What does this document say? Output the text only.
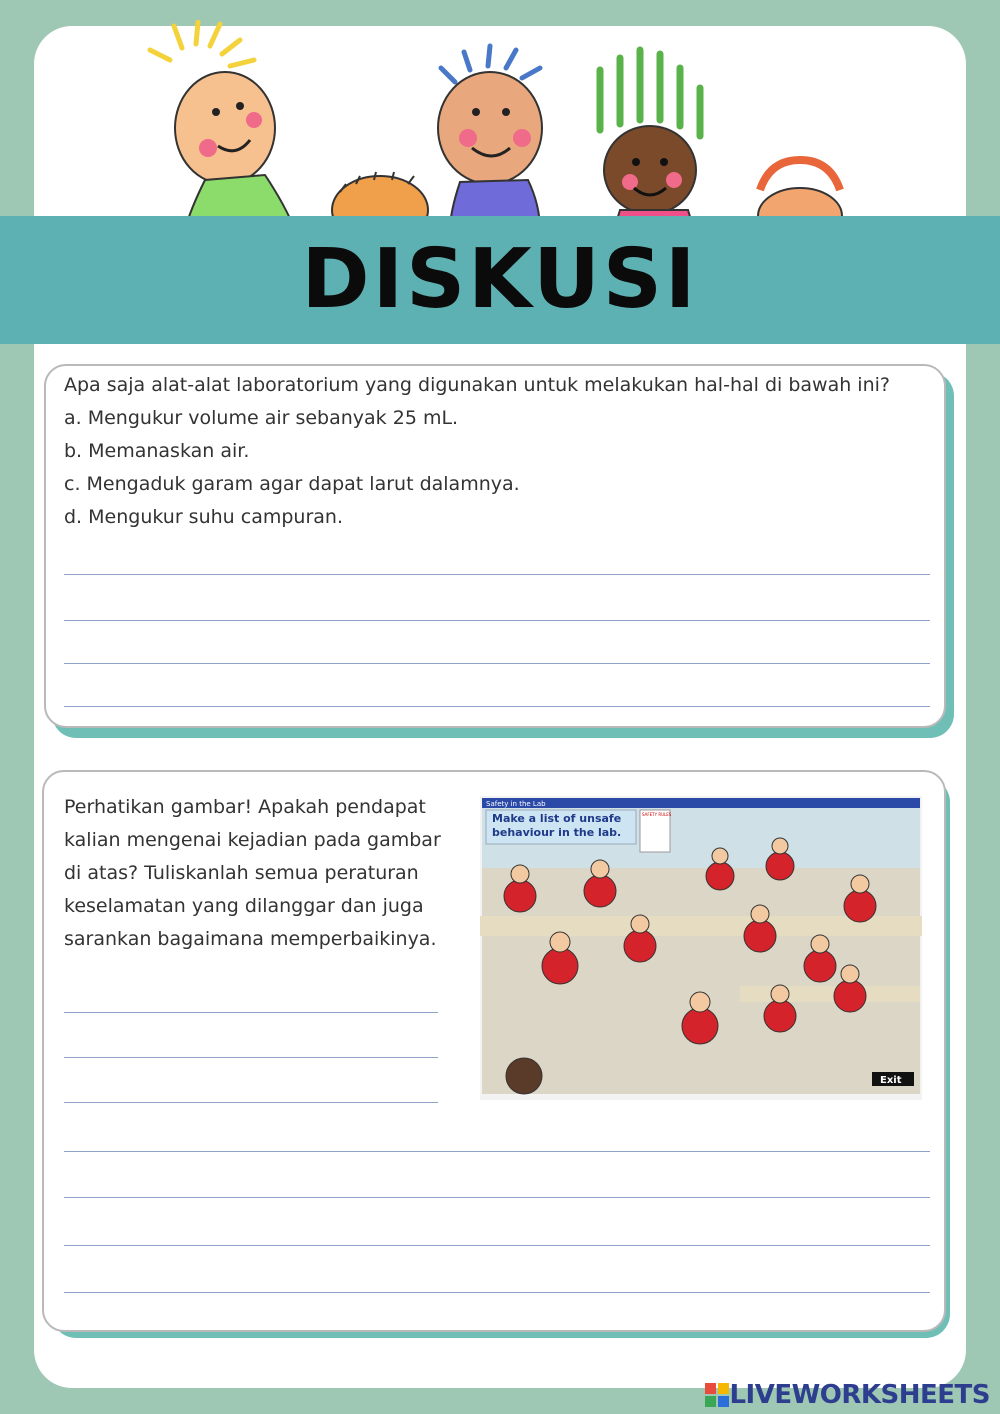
DISKUSI
Apa saja alat-alat laboratorium yang digunakan untuk melakukan hal-hal di bawah ini?
a. Mengukur volume air sebanyak 25 mL.
b. Memanaskan air.
c. Mengaduk garam agar dapat larut dalamnya.
d. Mengukur suhu campuran.
Perhatikan gambar! Apakah pendapat
kalian mengenai kejadian pada gambar
di atas? Tuliskanlah semua peraturan
keselamatan yang dilanggar dan juga
sarankan bagaimana memperbaikinya.
Safety in the Lab
Make a list of unsafe
behaviour in the lab.
SAFETY RULES
Exit
LIVEWORKSHEETS
